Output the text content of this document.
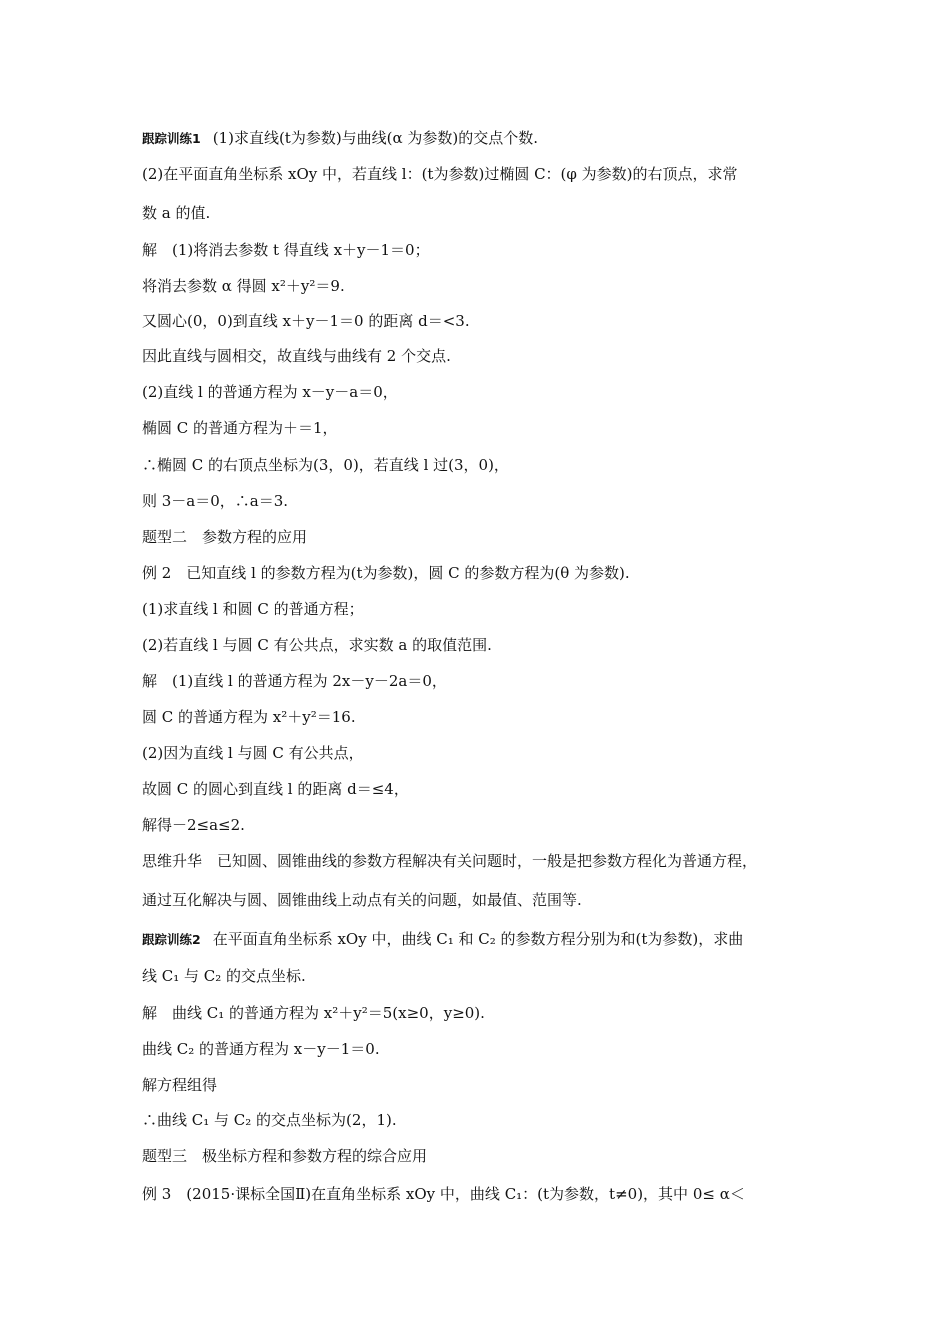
跟踪训练1 (1)求直线(t为参数)与曲线(α 为参数)的交点个数.
(2)在平面直角坐标系 xOy 中，若直线 l：(t为参数)过椭圆 C：(φ 为参数)的右顶点，求常
数 a 的值.
解　(1)将消去参数 t 得直线 x＋y－1＝0；
将消去参数 α 得圆 x²＋y²＝9.
又圆心(0，0)到直线 x＋y－1＝0 的距离 d＝<3.
因此直线与圆相交，故直线与曲线有 2 个交点.
(2)直线 l 的普通方程为 x－y－a＝0，
椭圆 C 的普通方程为＋＝1，
∴椭圆 C 的右顶点坐标为(3，0)，若直线 l 过(3，0)，
则 3－a＝0，∴a＝3.
题型二　参数方程的应用
例 2　已知直线 l 的参数方程为(t为参数)，圆 C 的参数方程为(θ 为参数).
(1)求直线 l 和圆 C 的普通方程；
(2)若直线 l 与圆 C 有公共点，求实数 a 的取值范围.
解　(1)直线 l 的普通方程为 2x－y－2a＝0，
圆 C 的普通方程为 x²＋y²＝16.
(2)因为直线 l 与圆 C 有公共点，
故圆 C 的圆心到直线 l 的距离 d＝≤4，
解得－2≤a≤2.
思维升华　已知圆、圆锥曲线的参数方程解决有关问题时，一般是把参数方程化为普通方程，
通过互化解决与圆、圆锥曲线上动点有关的问题，如最值、范围等.
跟踪训练2 在平面直角坐标系 xOy 中，曲线 C₁ 和 C₂ 的参数方程分别为和(t为参数)，求曲
线 C₁ 与 C₂ 的交点坐标.
解　曲线 C₁ 的普通方程为 x²＋y²＝5(x≥0，y≥0).
曲线 C₂ 的普通方程为 x－y－1＝0.
解方程组得
∴曲线 C₁ 与 C₂ 的交点坐标为(2，1).
题型三　极坐标方程和参数方程的综合应用
例 3　(2015·课标全国Ⅱ)在直角坐标系 xOy 中，曲线 C₁：(t为参数，t≠0)，其中 0≤ α＜
